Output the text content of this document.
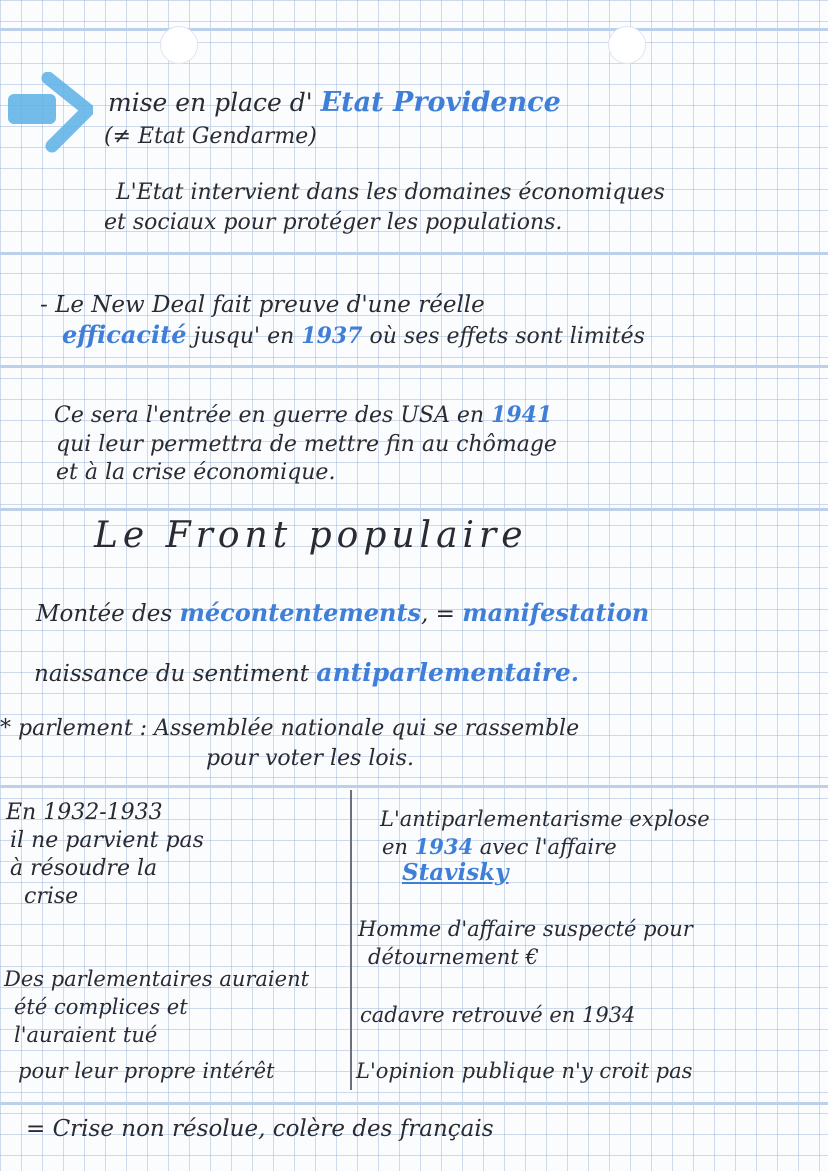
mise en place d' Etat Providence
(≠ Etat Gendarme)
L'Etat intervient dans les domaines économiques
et sociaux pour protéger les populations.
- Le New Deal fait preuve d'une réelle
efficacité jusqu' en 1937 où ses effets sont limités
Ce sera l'entrée en guerre des USA en 1941
qui leur permettra de mettre fin au chômage
et à la crise économique.
Le Front populaire
Montée des mécontentements, = manifestation
naissance du sentiment antiparlementaire.
* parlement : Assemblée nationale qui se rassemble
pour voter les lois.
En 1932-1933
il ne parvient pas
à résoudre la
crise
Des parlementaires auraient
été complices et
l'auraient tué
pour leur propre intérêt
L'antiparlementarisme explose
en 1934 avec l'affaire
Stavisky
Homme d'affaire suspecté pour
détournement €
cadavre retrouvé en 1934
L'opinion publique n'y croit pas
= Crise non résolue, colère des français
